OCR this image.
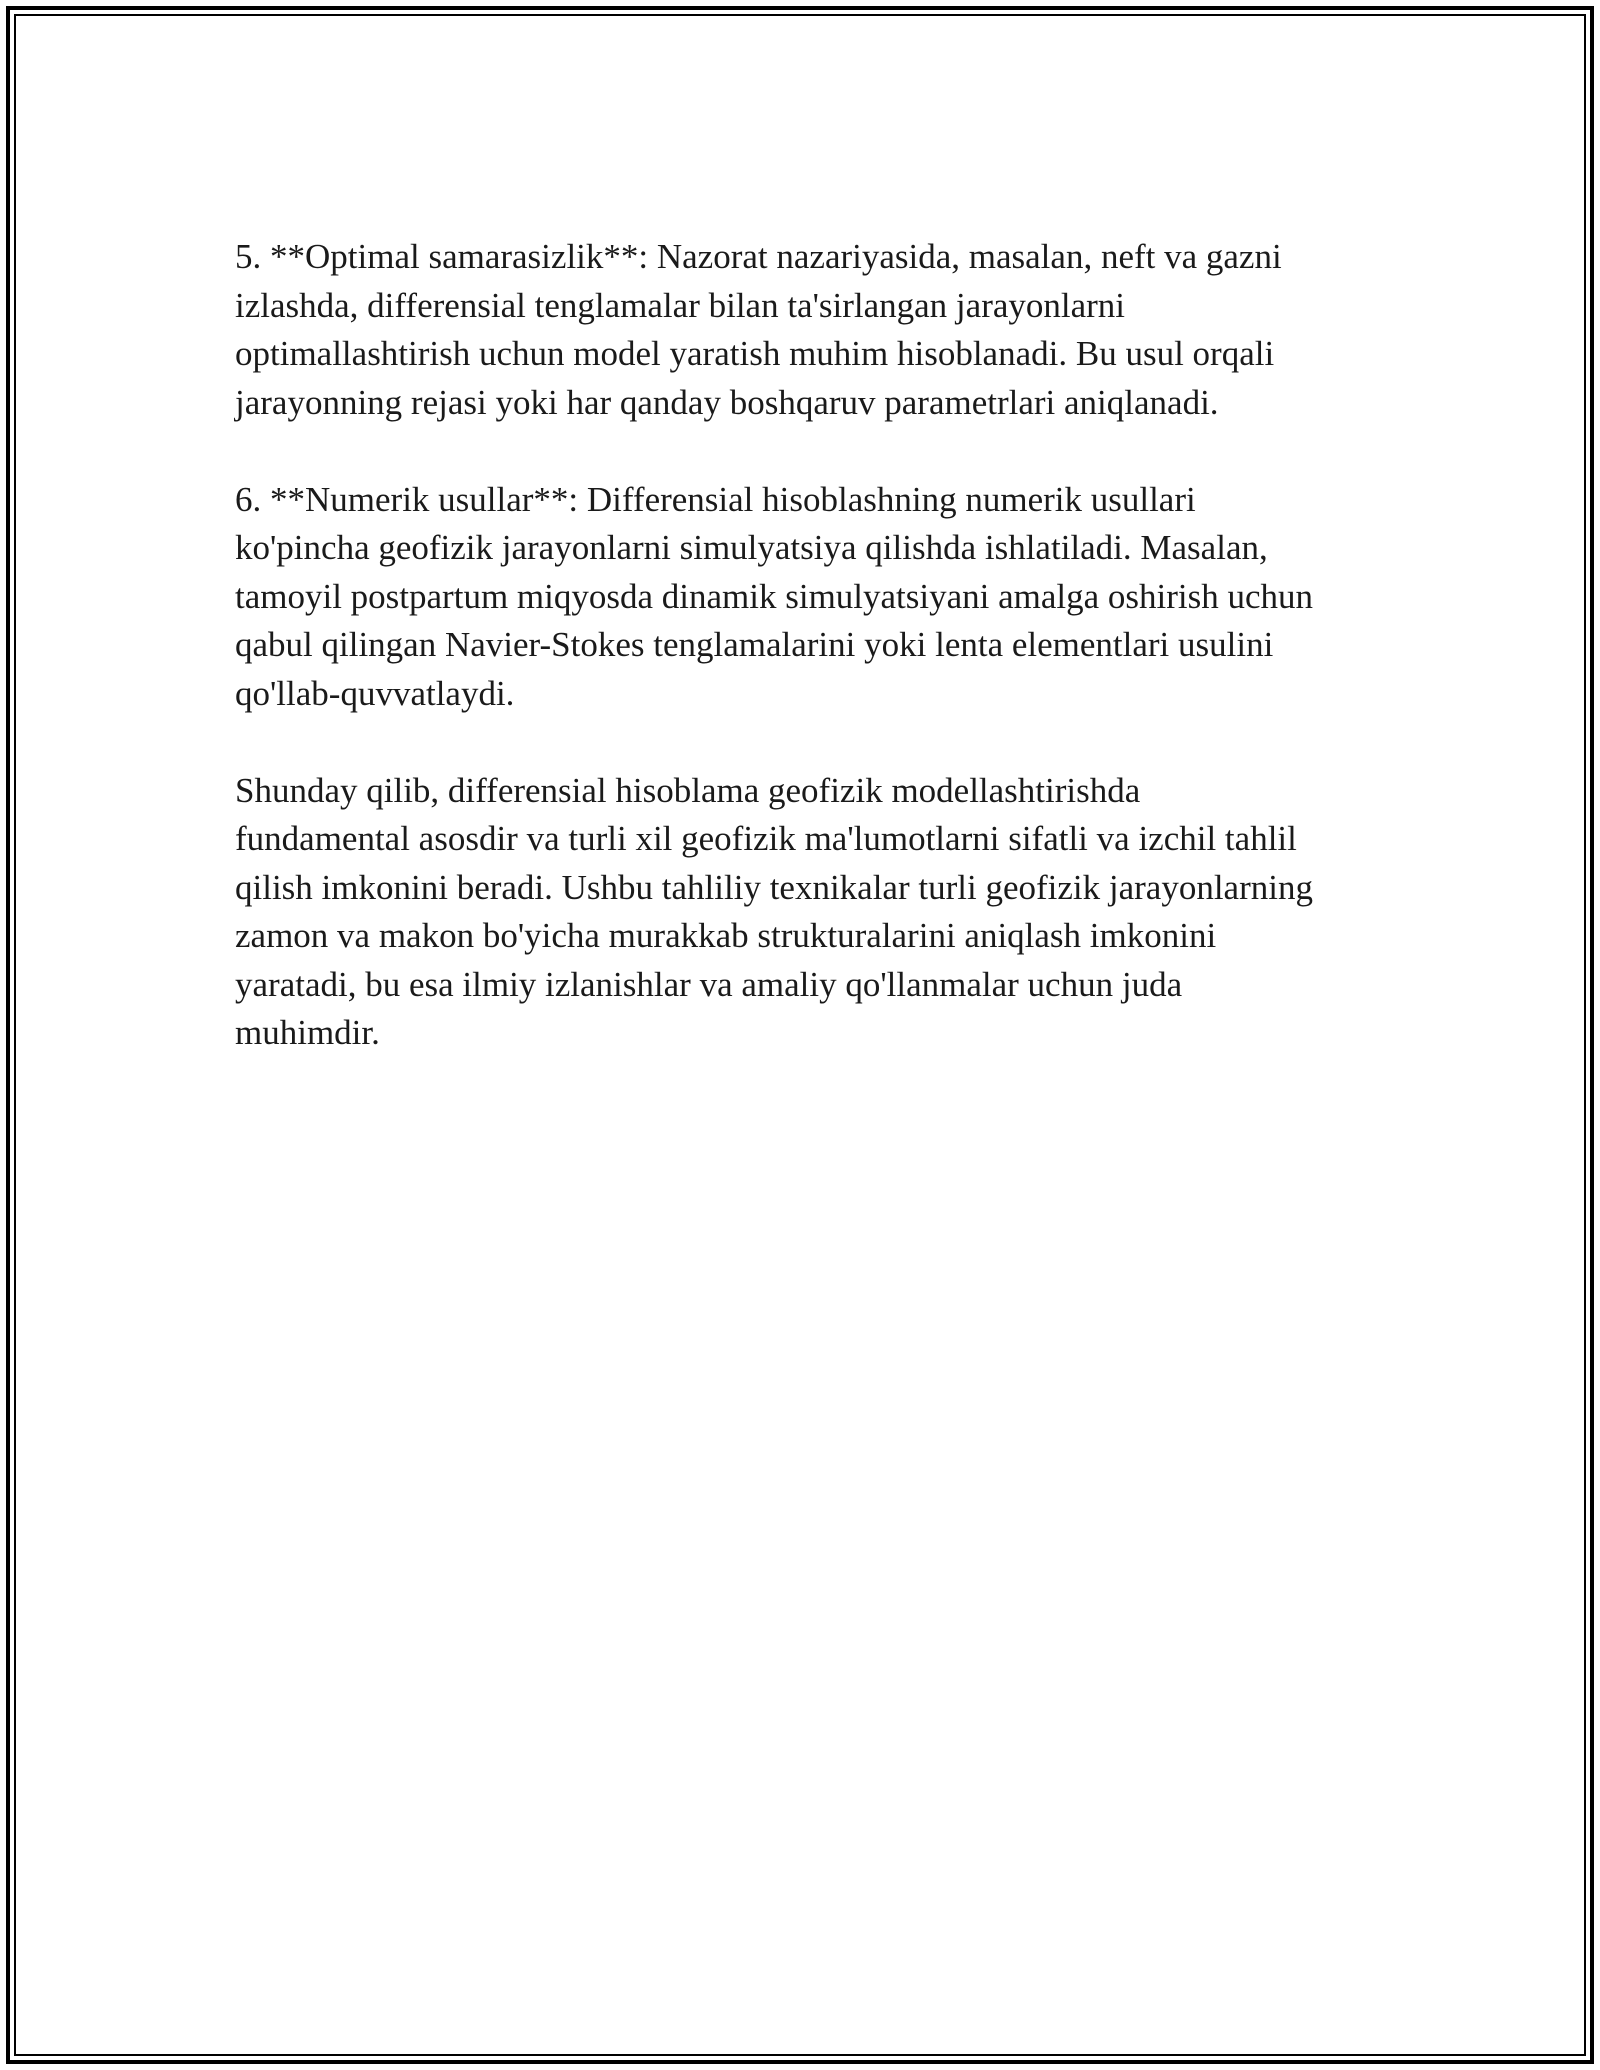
5. **Optimal samarasizlik**: Nazorat nazariyasida, masalan, neft va gazni
izlashda, differensial tenglamalar bilan ta'sirlangan jarayonlarni
optimallashtirish uchun model yaratish muhim hisoblanadi. Bu usul orqali
jarayonning rejasi yoki har qanday boshqaruv parametrlari aniqlanadi.

6. **Numerik usullar**: Differensial hisoblashning numerik usullari
ko'pincha geofizik jarayonlarni simulyatsiya qilishda ishlatiladi. Masalan,
tamoyil postpartum miqyosda dinamik simulyatsiyani amalga oshirish uchun
qabul qilingan Navier-Stokes tenglamalarini yoki lenta elementlari usulini
qo'llab-quvvatlaydi.

Shunday qilib, differensial hisoblama geofizik modellashtirishda
fundamental asosdir va turli xil geofizik ma'lumotlarni sifatli va izchil tahlil
qilish imkonini beradi. Ushbu tahliliy texnikalar turli geofizik jarayonlarning
zamon va makon bo'yicha murakkab strukturalarini aniqlash imkonini
yaratadi, bu esa ilmiy izlanishlar va amaliy qo'llanmalar uchun juda
muhimdir.
